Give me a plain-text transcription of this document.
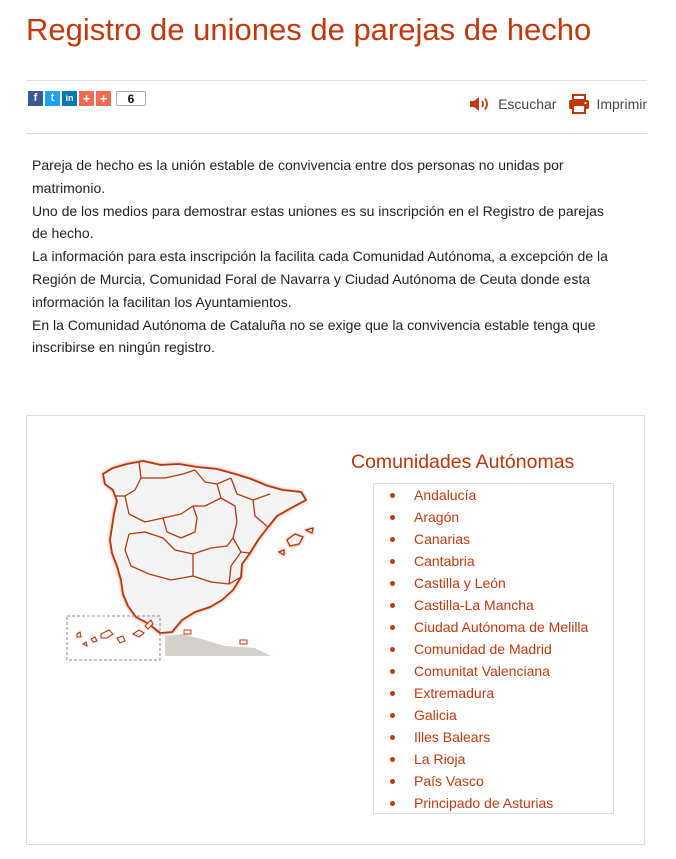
Registro de uniones de parejas de hecho
f	t	in + +	6	Escuchar	Imprimir

Pareja de hecho es la unión estable de convivencia entre dos personas no unidas por matrimonio.

Uno de los medios para demostrar estas uniones es su inscripción en el Registro de parejas de hecho.

La información para esta inscripción la facilita cada Comunidad Autónoma, a excepción de la Región de Murcia, Comunidad Foral de Navarra y Ciudad Autónoma de Ceuta donde esta información la facilitan los Ayuntamientos.

En la Comunidad Autónoma de Cataluña no se exige que la convivencia estable tenga que inscribirse en ningún registro.

Comunidades Autónomas
Andalucía
Aragón
Canarias
Cantabria
Castilla y León
Castilla-La Mancha
Ciudad Autónoma de Melilla
Comunidad de Madrid
Comunitat Valenciana
Extremadura
Galicia
Illes Balears
La Rioja
País Vasco
Principado de Asturias
